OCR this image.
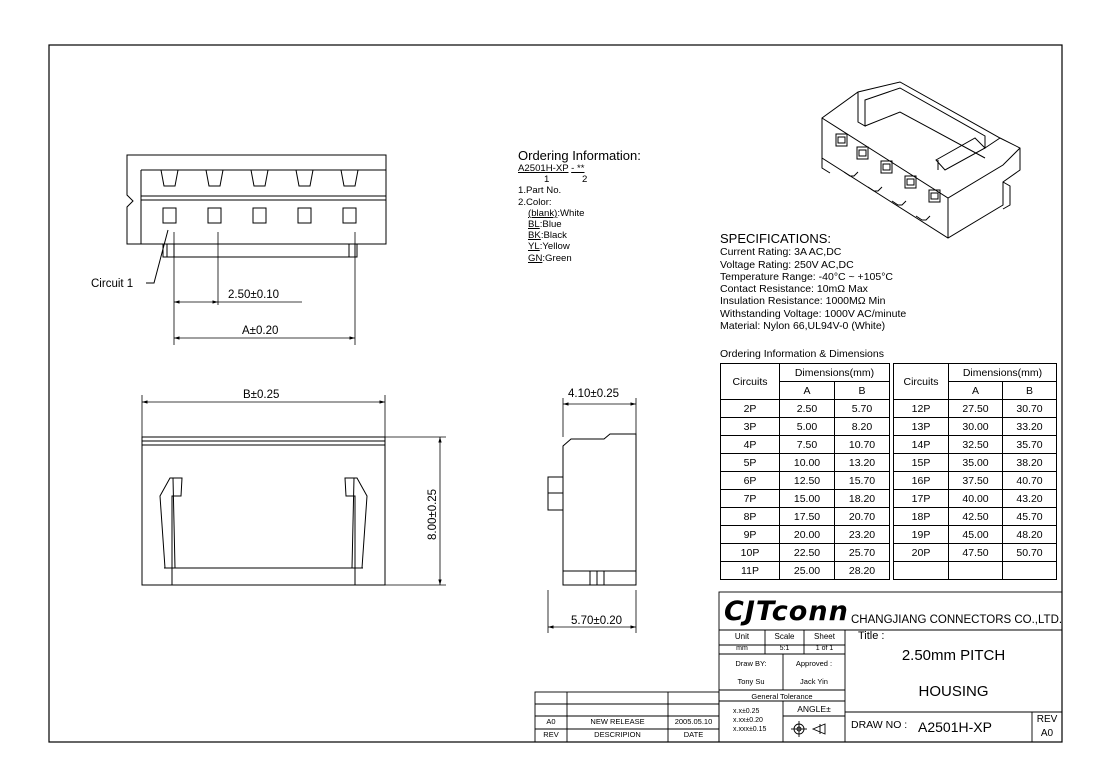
Circuit 1
2.50±0.10
A±0.20
B±0.25
8.00±0.25
4.10±0.25
5.70±0.20
Ordering Information:
A2501H-XP - **
1	2
1.Part No.
2.Color:
(blank):White
BL:Blue
BK:Black
YL:Yellow
GN:Green
SPECIFICATIONS:
Current Rating: 3A AC,DC
Voltage Rating: 250V AC,DC
Temperature Range: -40°C ~ +105°C
Contact Resistance: 10mΩ Max
Insulation Resistance: 1000MΩ Min
Withstanding Voltage: 1000V AC/minute
Material: Nylon 66,UL94V-0 (White)
Ordering Information & Dimensions
Circuits	Dimensions(mm)	
	A	B
2P	2.50	5.70
3P	5.00	8.20
4P	7.50	10.70
5P	10.00	13.20
6P	12.50	15.70
7P	15.00	18.20
8P	17.50	20.70
9P	20.00	23.20
10P	22.50	25.70
11P	25.00	28.20
Circuits	Dimensions(mm)	
	A	B
12P	27.50	30.70
13P	30.00	33.20
14P	32.50	35.70
15P	35.00	38.20
16P	37.50	40.70
17P	40.00	43.20
18P	42.50	45.70
19P	45.00	48.20
20P	47.50	50.70

CJTconn CHANGJIANG CONNECTORS CO.,LTD.
Unit	Scale	Sheet
mm	5:1	1 of 1
Draw BY:	Approved :
Tony Su	Jack Yin
General Tolerance
x.x±0.25
x.xx±0.20
x.xxx±0.15
ANGLE±
Title :
2.50mm PITCH
HOUSING
DRAW NO : A2501H-XP	REV
A0
A0	NEW RELEASE	2005.05.10
REV	DESCRIPION	DATE
